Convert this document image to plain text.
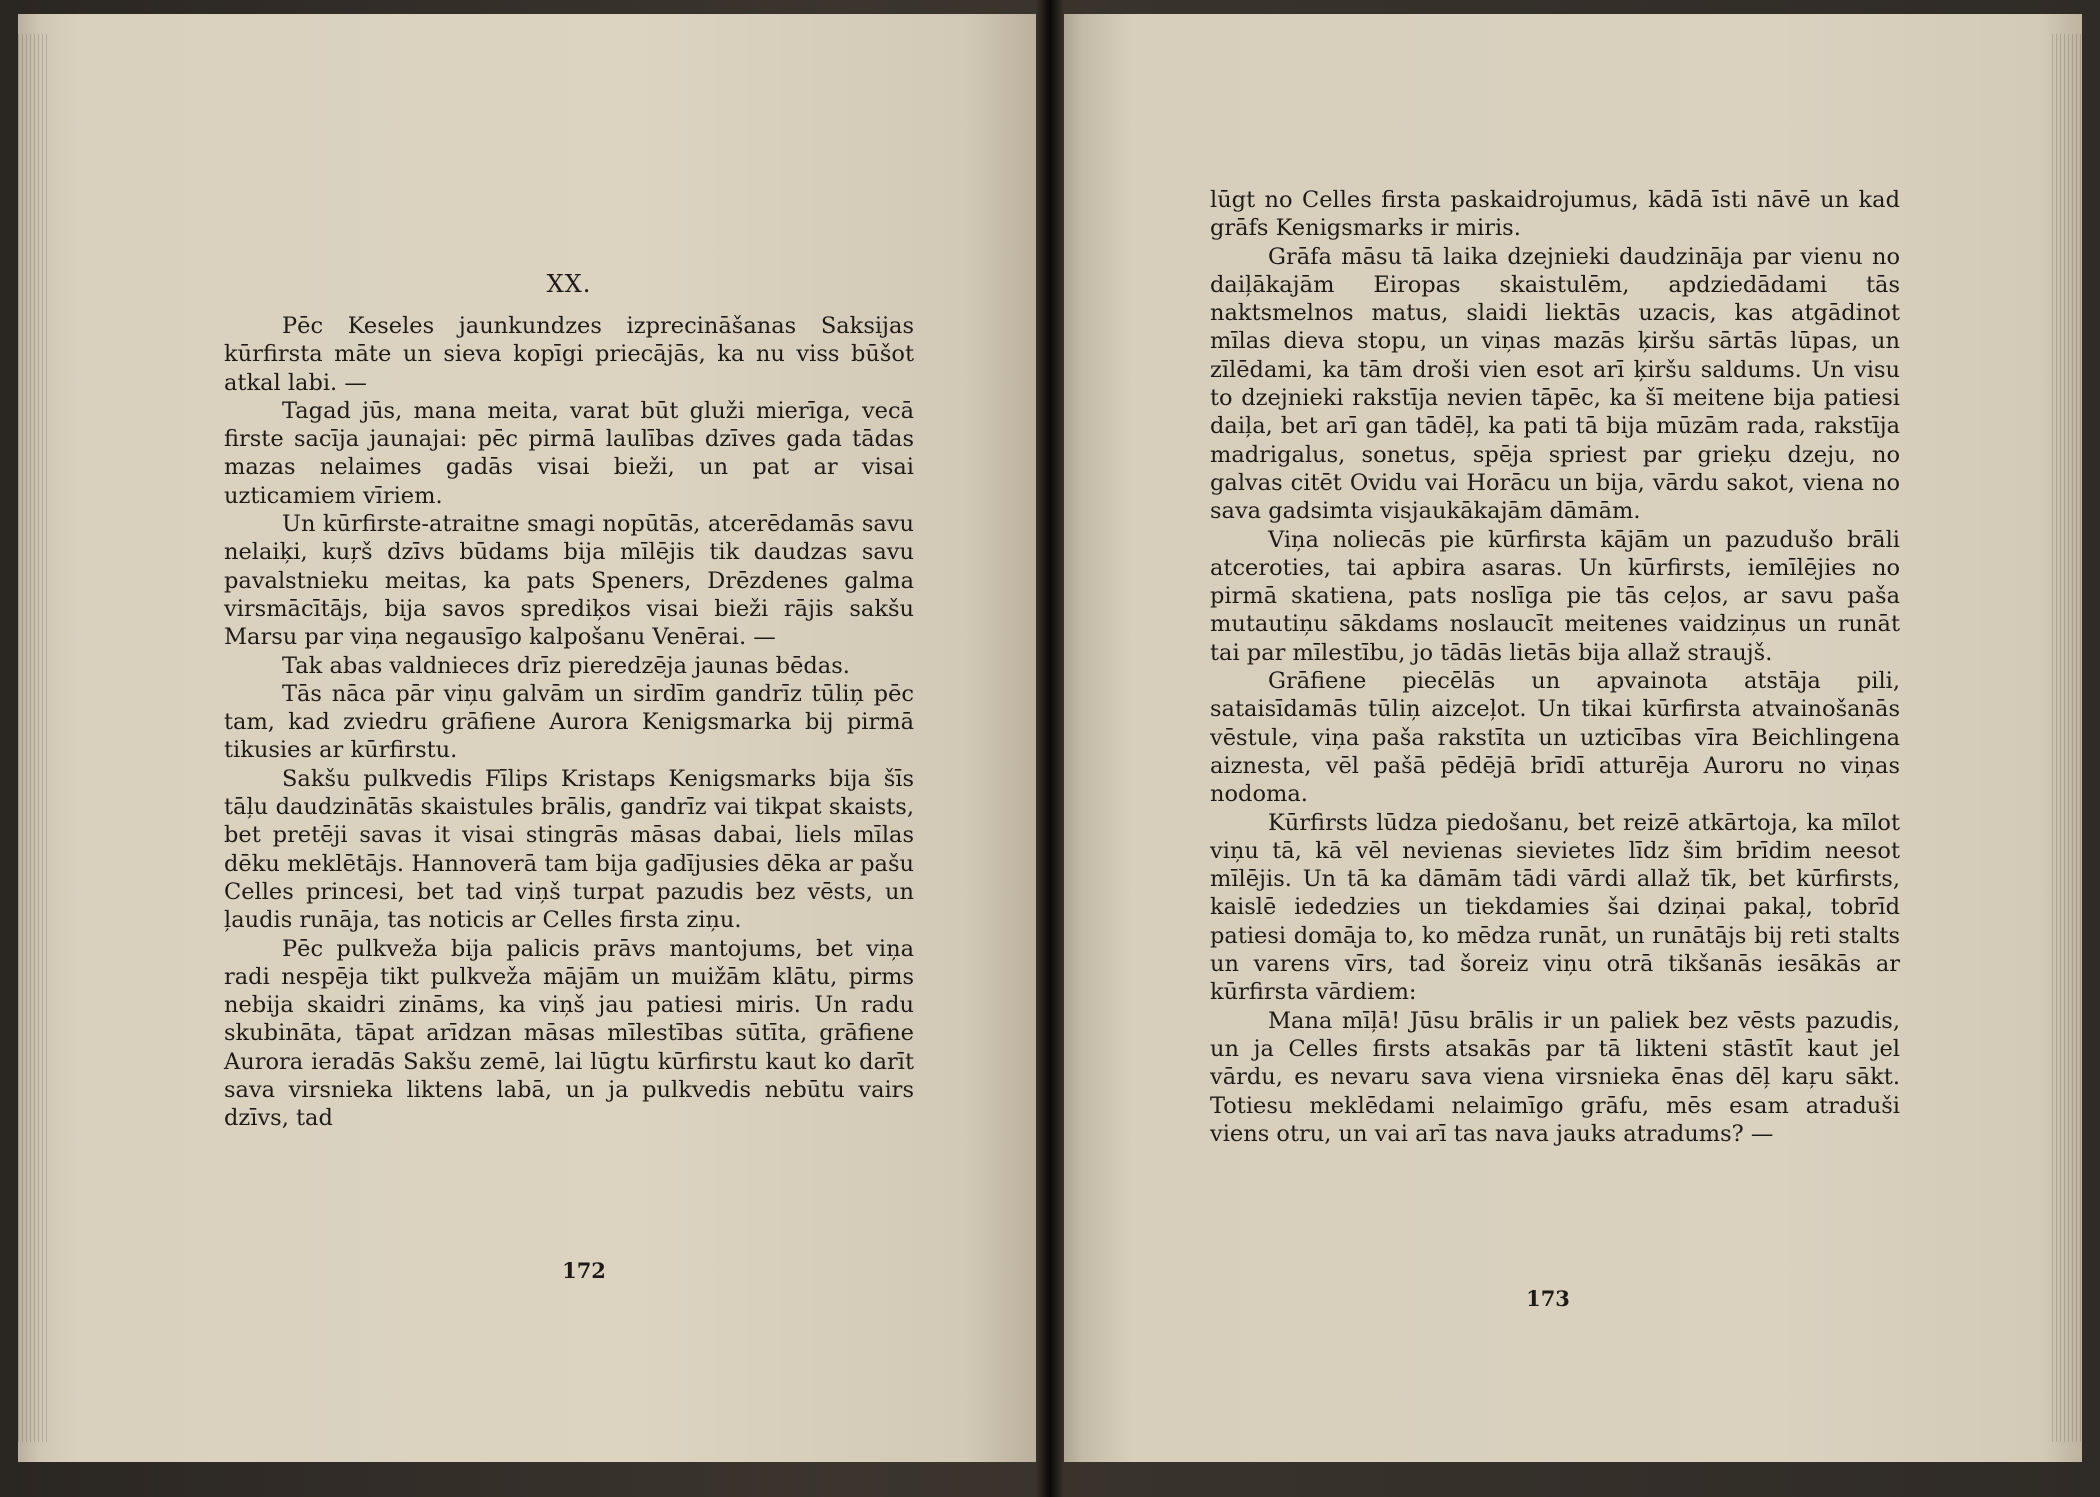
XX.

Pēc Keseles jaunkundzes izprecināšanas Saksijas kūrfirsta māte un sieva kopīgi priecājās, ka nu viss būšot atkal labi. —

Tagad jūs, mana meita, varat būt gluži mierīga, vecā firste sacīja jaunajai: pēc pirmā laulības dzīves gada tādas mazas nelaimes gadās visai bieži, un pat ar visai uzticamiem vīriem.

Un kūrfirste-atraitne smagi nopūtās, atcerēdamās savu nelaiķi, kuŗš dzīvs būdams bija mīlējis tik daudzas savu pavalstnieku meitas, ka pats Speners, Drēzdenes galma virsmācītājs, bija savos sprediķos visai bieži rājis sakšu Marsu par viņa negausīgo kalpošanu Venērai. —

Tak abas valdnieces drīz pieredzēja jaunas bēdas.

Tās nāca pār viņu galvām un sirdīm gandrīz tūliņ pēc tam, kad zviedru grāfiene Aurora Kenigsmarka bij pirmā tikusies ar kūrfirstu.

Sakšu pulkvedis Fīlips Kristaps Kenigsmarks bija šīs tāļu daudzinātās skaistules brālis, gandrīz vai tikpat skaists, bet pretēji savas it visai stingrās māsas dabai, liels mīlas dēku meklētājs. Hannoverā tam bija gadījusies dēka ar pašu Celles princesi, bet tad viņš turpat pazudis bez vēsts, un ļaudis runāja, tas noticis ar Celles firsta ziņu.

Pēc pulkveža bija palicis prāvs mantojums, bet viņa radi nespēja tikt pulkveža mājām un muižām klātu, pirms nebija skaidri zināms, ka viņš jau patiesi miris. Un radu skubināta, tāpat arīdzan māsas mīlestības sūtīta, grāfiene Aurora ieradās Sakšu zemē, lai lūgtu kūrfirstu kaut ko darīt sava virsnieka liktens labā, un ja pulkvedis nebūtu vairs dzīvs, tad

172

lūgt no Celles firsta paskaidrojumus, kādā īsti nāvē un kad grāfs Kenigsmarks ir miris.

Grāfa māsu tā laika dzejnieki daudzināja par vienu no daiļākajām Eiropas skaistulēm, apdziedādami tās naktsmelnos matus, slaidi liektās uzacis, kas atgādinot mīlas dieva stopu, un viņas mazās ķiršu sārtās lūpas, un zīlēdami, ka tām droši vien esot arī ķiršu saldums. Un visu to dzejnieki rakstīja nevien tāpēc, ka šī meitene bija patiesi daiļa, bet arī gan tādēļ, ka pati tā bija mūzām rada, rakstīja madrigalus, sonetus, spēja spriest par grieķu dzeju, no galvas citēt Ovidu vai Horācu un bija, vārdu sakot, viena no sava gadsimta visjaukākajām dāmām.

Viņa noliecās pie kūrfirsta kājām un pazudušo brāli atceroties, tai apbira asaras. Un kūrfirsts, iemīlējies no pirmā skatiena, pats noslīga pie tās ceļos, ar savu paša mutautiņu sākdams noslaucīt meitenes vaidziņus un runāt tai par mīlestību, jo tādās lietās bija allaž straujš.

Grāfiene piecēlās un apvainota atstāja pili, sataisīdamās tūliņ aizceļot. Un tikai kūrfirsta atvainošanās vēstule, viņa paša rakstīta un uzticības vīra Beichlingena aiznesta, vēl pašā pēdējā brīdī atturēja Auroru no viņas nodoma.

Kūrfirsts lūdza piedošanu, bet reizē atkārtoja, ka mīlot viņu tā, kā vēl nevienas sievietes līdz šim brīdim neesot mīlējis. Un tā ka dāmām tādi vārdi allaž tīk, bet kūrfirsts, kaislē iededzies un tiekdamies šai dziņai pakaļ, tobrīd patiesi domāja to, ko mēdza runāt, un runātājs bij reti stalts un varens vīrs, tad šoreiz viņu otrā tikšanās iesākās ar kūrfirsta vārdiem:

Mana mīļā! Jūsu brālis ir un paliek bez vēsts pazudis, un ja Celles firsts atsakās par tā likteni stāstīt kaut jel vārdu, es nevaru sava viena virsnieka ēnas dēļ kaŗu sākt. Totiesu meklēdami nelaimīgo grāfu, mēs esam atraduši viens otru, un vai arī tas nava jauks atradums? —

173
